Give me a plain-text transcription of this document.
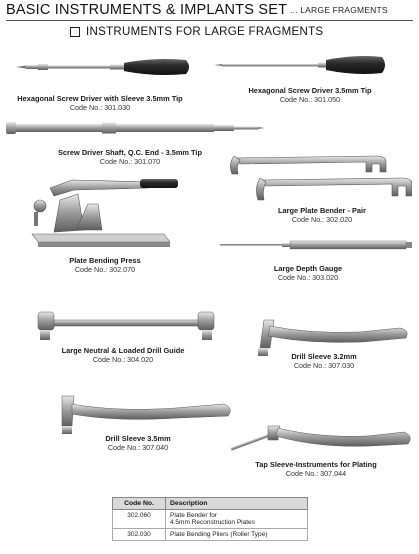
BASIC INSTRUMENTS & IMPLANTS SET ... LARGE FRAGMENTS
INSTRUMENTS FOR LARGE FRAGMENTS
Hexagonal Screw Driver with Sleeve 3.5mm Tip
Code No.: 301.030
Hexagonal Screw Driver 3.5mm Tip
Code No.: 301.050
Screw Driver Shaft, Q.C. End - 3.5mm Tip
Code No.: 301.070
Large Plate Bender - Pair
Code No.: 302.020
Plate Bending Press
Code No.: 302.070	Large Depth Gauge
Code No.: 303.020
Large Neutral & Loaded Drill Guide
Code No.: 304.020	Drill Sleeve 3.2mm
Code No.: 307.030
Drill Sleeve 3.5mm
Code No.: 307.040
Tap Sleeve-Instruments for Plating
Code No.: 307.044
Code No.	Description
302.060	Plate Bender for
4.5mm Reconstruction Plates
302.030	Plate Bending Pliers (Roller Type)
